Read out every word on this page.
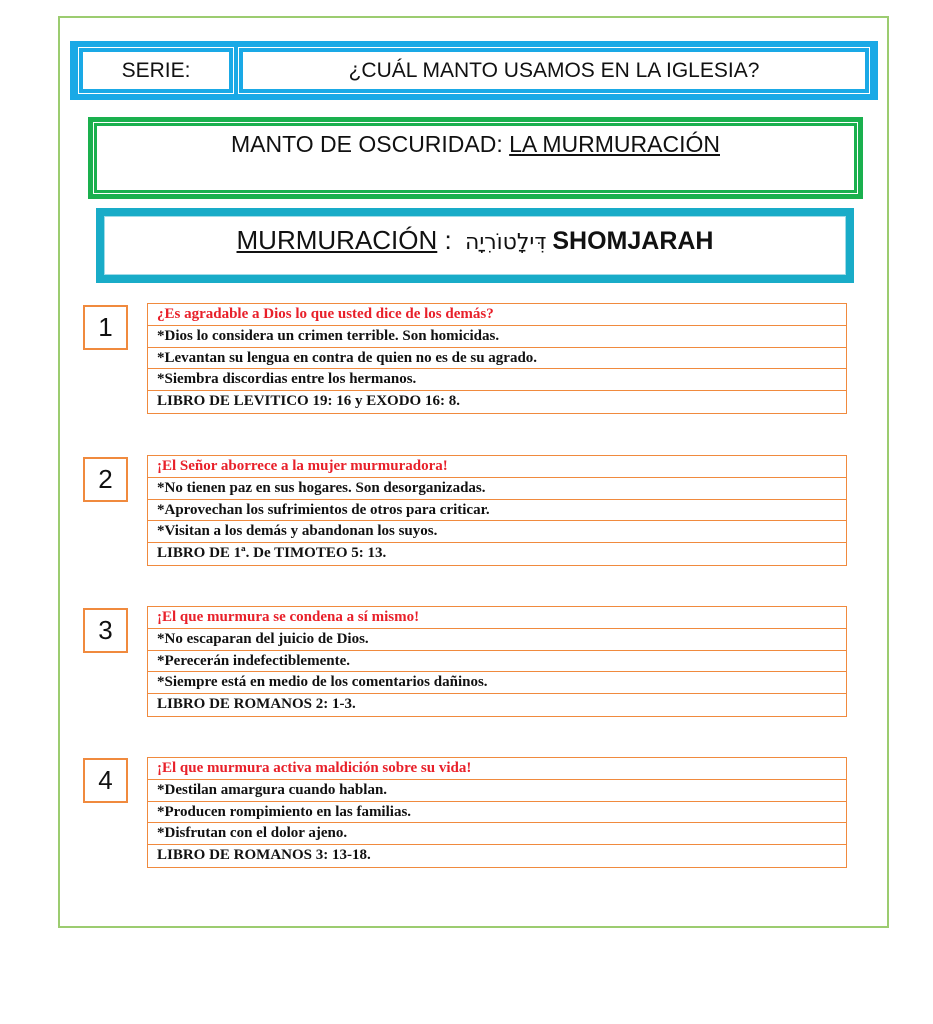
SERIE:	¿CUÁL MANTO USAMOS EN LA IGLESIA?
MANTO DE OSCURIDAD: LA MURMURACIÓN
MURMURACIÓN : דִּילָטוֹרִיָה SHOMJARAH
1	¿Es agradable a Dios lo que usted dice de los demás?
*Dios lo considera un crimen terrible. Son homicidas.
*Levantan su lengua en contra de quien no es de su agrado.
*Siembra discordias entre los hermanos.
LIBRO DE LEVITICO 19: 16 y EXODO 16: 8.
2	¡El Señor aborrece a la mujer murmuradora!
*No tienen paz en sus hogares. Son desorganizadas.
*Aprovechan los sufrimientos de otros para criticar.
*Visitan a los demás y abandonan los suyos.
LIBRO DE 1ª. De TIMOTEO 5: 13.
3	¡El que murmura se condena a sí mismo!
*No escaparan del juicio de Dios.
*Perecerán indefectiblemente.
*Siempre está en medio de los comentarios dañinos.
LIBRO DE ROMANOS 2: 1-3.
4	¡El que murmura activa maldición sobre su vida!
*Destilan amargura cuando hablan.
*Producen rompimiento en las familias.
*Disfrutan con el dolor ajeno.
LIBRO DE ROMANOS 3: 13-18.
